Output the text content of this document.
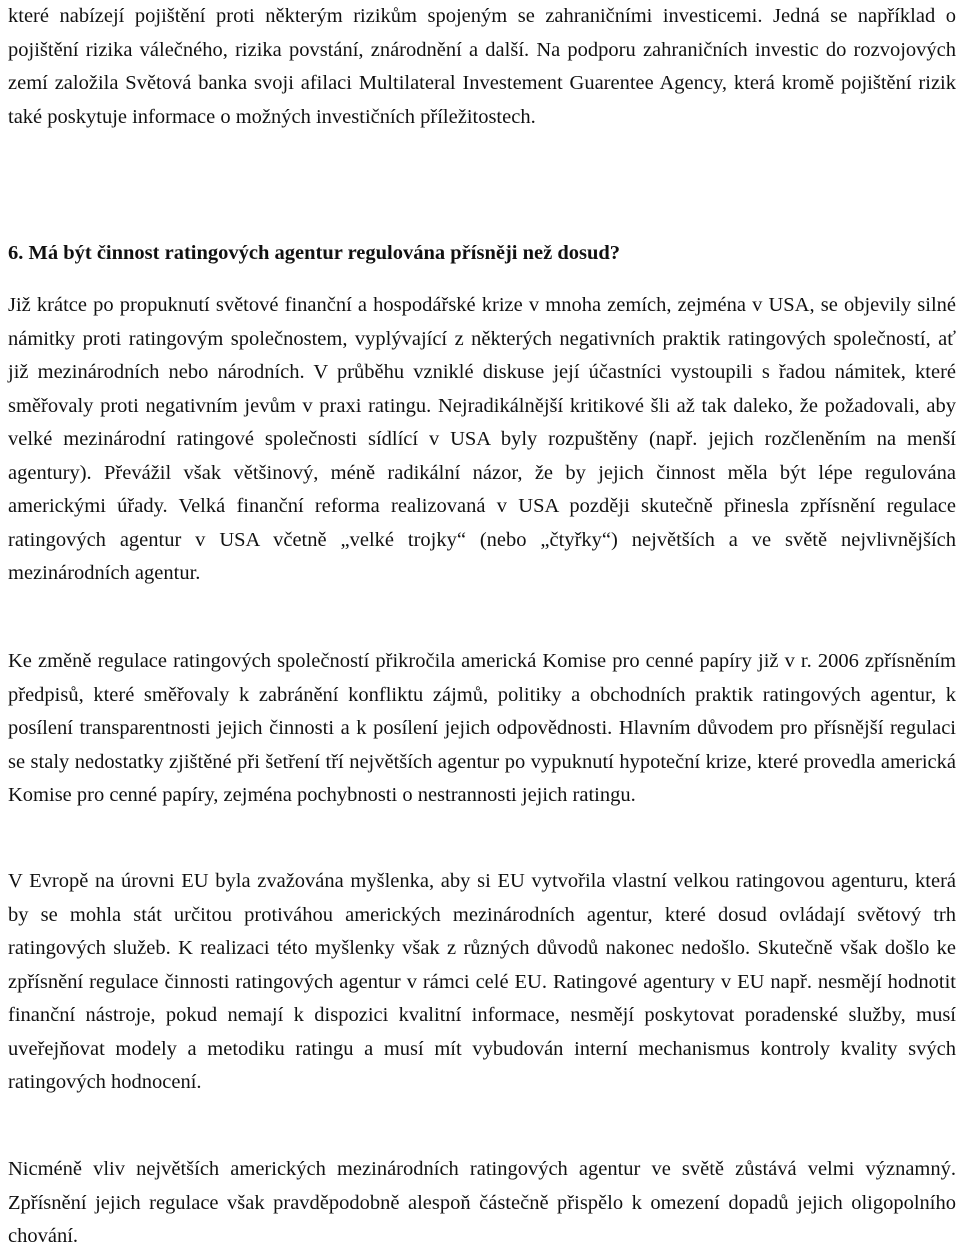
které nabízejí pojištění proti některým rizikům spojeným se zahraničními investicemi. Jedná se například o pojištění rizika válečného, rizika povstání, znárodnění a další. Na podporu zahraničních investic do rozvojových zemí založila Světová banka svoji afilaci Multilateral Investement Guarentee Agency, která kromě pojištění rizik také poskytuje informace o možných investičních příležitostech.

6. Má být činnost ratingových agentur regulována přísněji než dosud?

Již krátce po propuknutí světové finanční a hospodářské krize v mnoha zemích, zejména v USA, se objevily silné námitky proti ratingovým společnostem, vyplývající z některých negativních praktik ratingových společností, ať již mezinárodních nebo národních. V průběhu vzniklé diskuse její účastníci vystoupili s řadou námitek, které směřovaly proti negativním jevům v praxi ratingu. Nejradikálnější kritikové šli až tak daleko, že požadovali, aby velké mezinárodní ratingové společnosti sídlící v USA byly rozpuštěny (např. jejich rozčleněním na menší agentury). Převážil však většinový, méně radikální názor, že by jejich činnost měla být lépe regulována americkými úřady. Velká finanční reforma realizovaná v USA později skutečně přinesla zpřísnění regulace ratingových agentur v USA včetně „velké trojky“ (nebo „čtyřky“) největších a ve světě nejvlivnějších mezinárodních agentur.

Ke změně regulace ratingových společností přikročila americká Komise pro cenné papíry již v r. 2006 zpřísněním předpisů, které směřovaly k zabránění konfliktu zájmů, politiky a obchodních praktik ratingových agentur, k posílení transparentnosti jejich činnosti a k posílení jejich odpovědnosti. Hlavním důvodem pro přísnější regulaci se staly nedostatky zjištěné při šetření tří největších agentur po vypuknutí hypoteční krize, které provedla americká Komise pro cenné papíry, zejména pochybnosti o nestrannosti jejich ratingu.

V Evropě na úrovni EU byla zvažována myšlenka, aby si EU vytvořila vlastní velkou ratingovou agenturu, která by se mohla stát určitou protiváhou amerických mezinárodních agentur, které dosud ovládají světový trh ratingových služeb. K realizaci této myšlenky však z různých důvodů nakonec nedošlo. Skutečně však došlo ke zpřísnění regulace činnosti ratingových agentur v rámci celé EU. Ratingové agentury v EU např. nesmějí hodnotit finanční nástroje, pokud nemají k dispozici kvalitní informace, nesmějí poskytovat poradenské služby, musí uveřejňovat modely a metodiku ratingu a musí mít vybudován interní mechanismus kontroly kvality svých ratingových hodnocení.

Nicméně vliv největších amerických mezinárodních ratingových agentur ve světě zůstává velmi významný. Zpřísnění jejich regulace však pravděpodobně alespoň částečně přispělo k omezení dopadů jejich oligopolního chování.
